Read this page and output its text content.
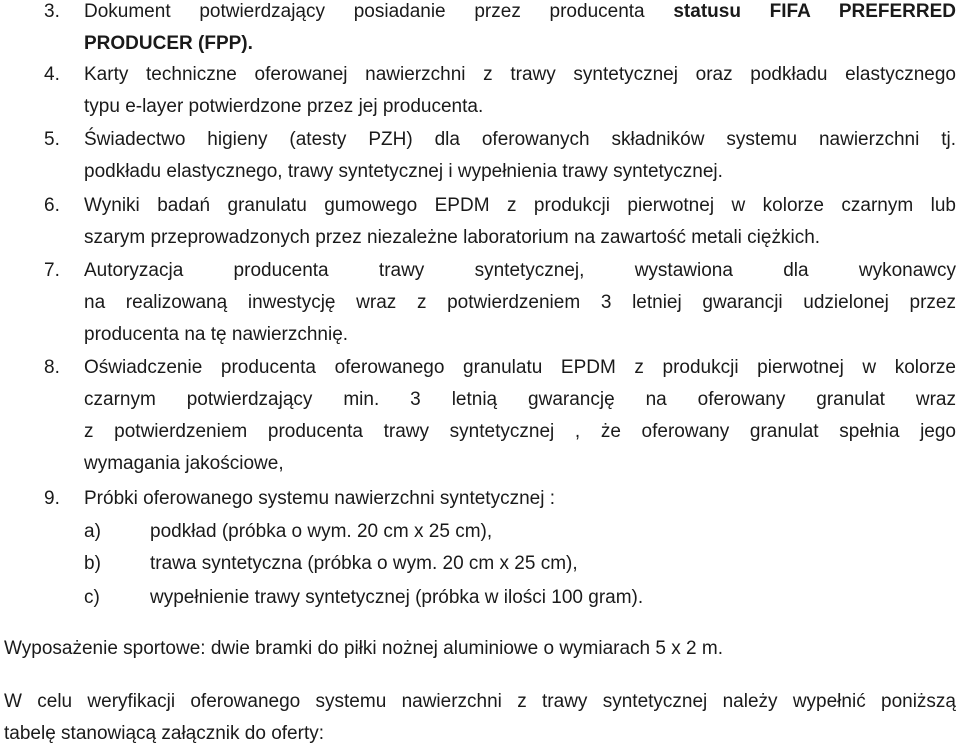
3. Dokument potwierdzający posiadanie przez producenta statusu FIFA PREFERRED
PRODUCER (FPP).
4. Karty techniczne oferowanej nawierzchni z trawy syntetycznej oraz podkładu elastycznego
typu e-layer potwierdzone przez jej producenta.
5. Świadectwo higieny (atesty PZH) dla oferowanych składników systemu nawierzchni tj.
podkładu elastycznego, trawy syntetycznej i wypełnienia trawy syntetycznej.
6. Wyniki badań granulatu gumowego EPDM z produkcji pierwotnej w kolorze czarnym lub
szarym przeprowadzonych przez niezależne laboratorium na zawartość metali ciężkich.
7. Autoryzacja producenta trawy syntetycznej, wystawiona dla wykonawcy
na realizowaną inwestycję wraz z potwierdzeniem 3 letniej gwarancji udzielonej przez
producenta na tę nawierzchnię.
8. Oświadczenie producenta oferowanego granulatu EPDM z produkcji pierwotnej w kolorze
czarnym potwierdzający min. 3 letnią gwarancję na oferowany granulat wraz
z potwierdzeniem producenta trawy syntetycznej , że oferowany granulat spełnia jego
wymagania jakościowe,
9. Próbki oferowanego systemu nawierzchni syntetycznej :
a)	podkład (próbka o wym. 20 cm x 25 cm),
b)	trawa syntetyczna (próbka o wym. 20 cm x 25 cm),
c)	wypełnienie trawy syntetycznej (próbka w ilości 100 gram).
Wyposażenie sportowe: dwie bramki do piłki nożnej aluminiowe o wymiarach 5 x 2 m.
W celu weryfikacji oferowanego systemu nawierzchni z trawy syntetycznej należy wypełnić poniższą
tabelę stanowiącą załącznik do oferty:
